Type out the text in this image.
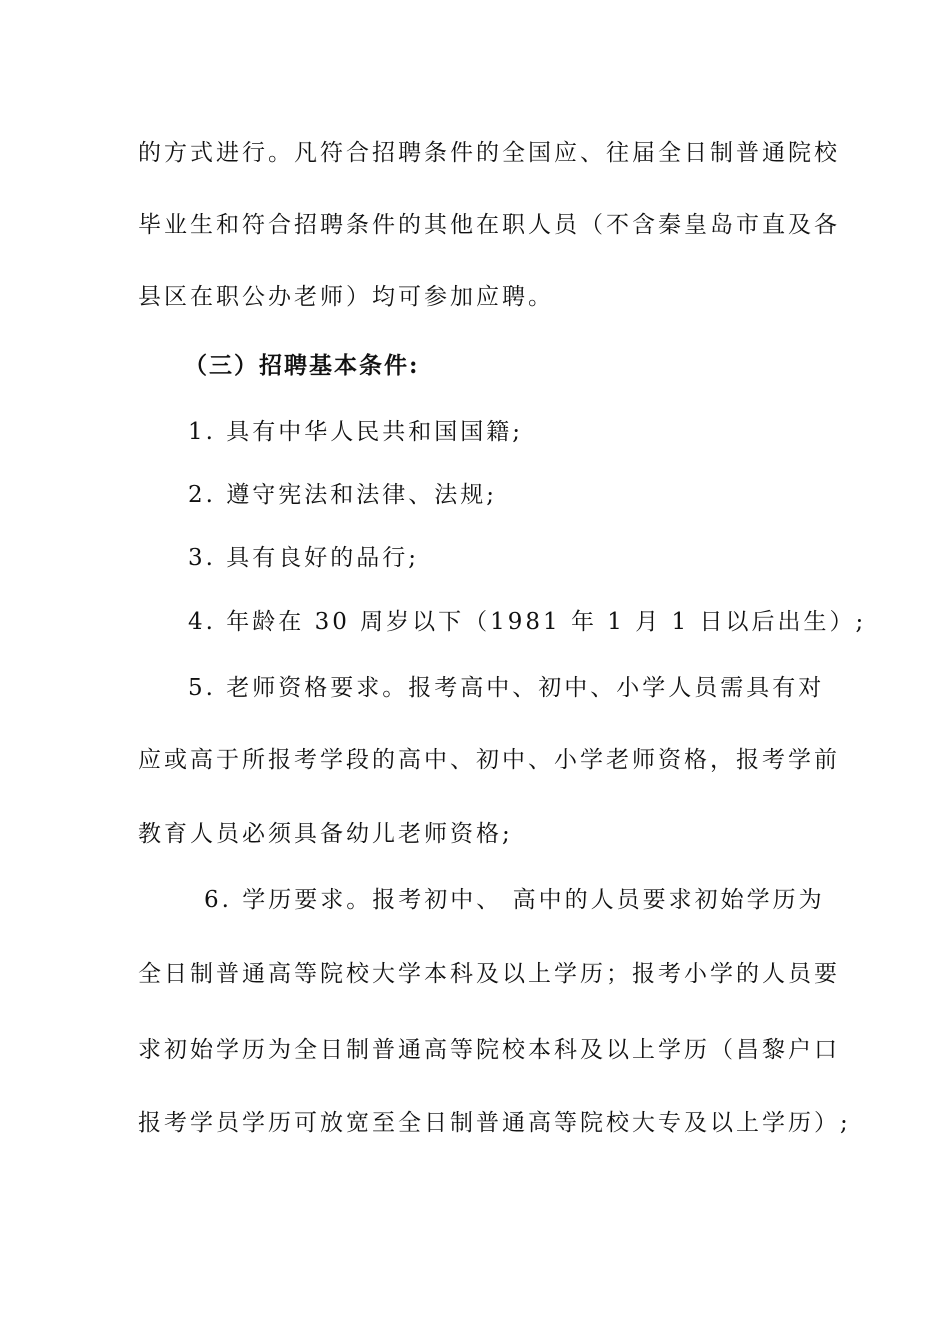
的方式进行。凡符合招聘条件的全国应、往届全日制普通院校
毕业生和符合招聘条件的其他在职人员（不含秦皇岛市直及各
县区在职公办老师）均可参加应聘。
（三）招聘基本条件:
1. 具有中华人民共和国国籍;
2. 遵守宪法和法律、法规;
3. 具有良好的品行;
4. 年龄在 30 周岁以下（1981 年 1 月 1 日以后出生）;
5. 老师资格要求。报考高中、初中、小学人员需具有对
应或高于所报考学段的高中、初中、小学老师资格，报考学前
教育人员必须具备幼儿老师资格;
6. 学历要求。报考初中、 高中的人员要求初始学历为
全日制普通高等院校大学本科及以上学历；报考小学的人员要
求初始学历为全日制普通高等院校本科及以上学历（昌黎户口
报考学员学历可放宽至全日制普通高等院校大专及以上学历）;
